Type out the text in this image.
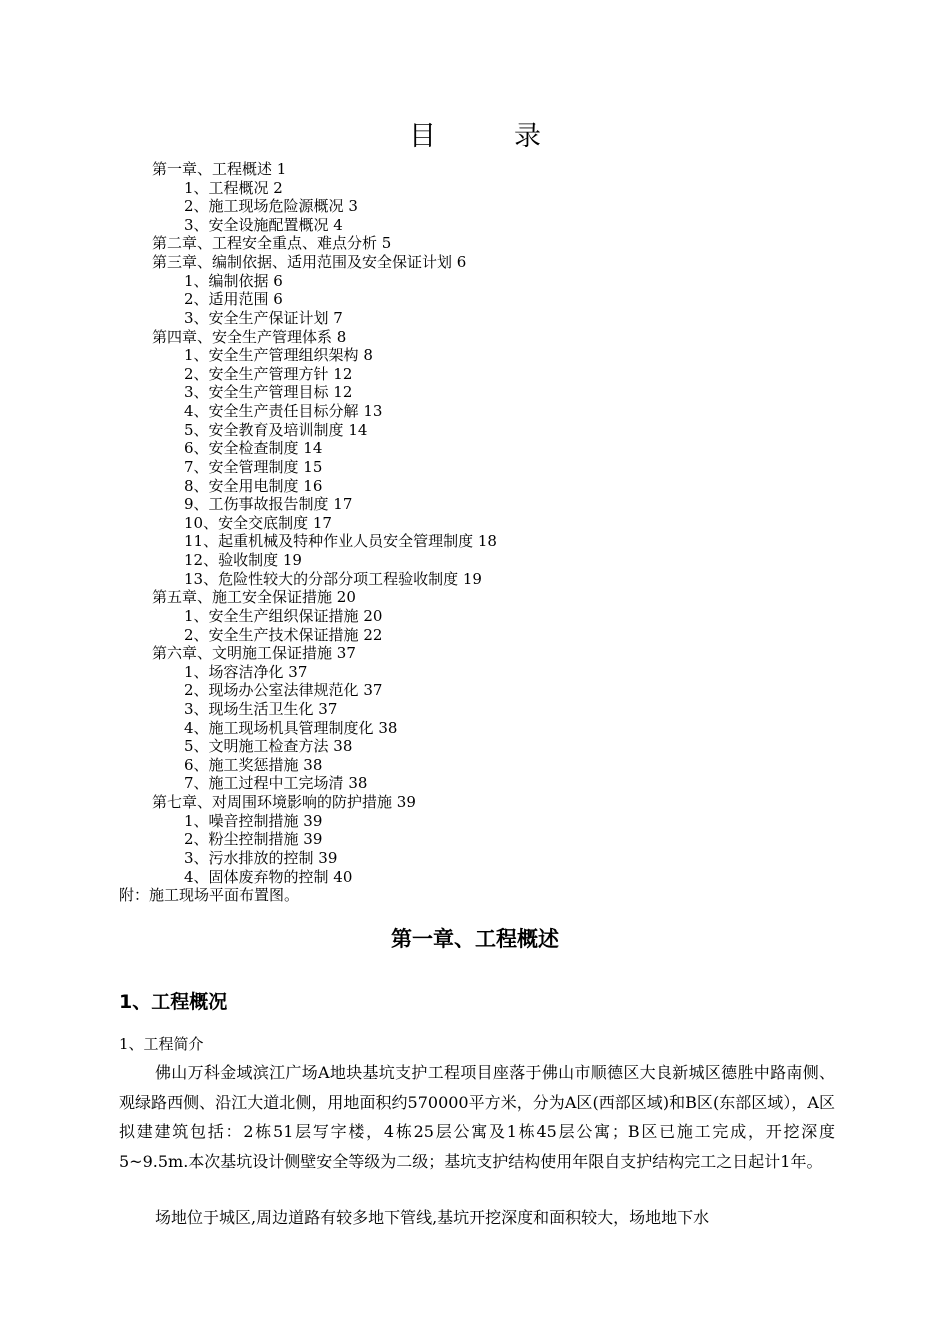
目	录
第一章、工程概述 1
1、工程概况 2
2、施工现场危险源概况 3
3、安全设施配置概况 4
第二章、工程安全重点、难点分析 5
第三章、编制依据、适用范围及安全保证计划 6
1、编制依据 6
2、适用范围 6
3、安全生产保证计划 7
第四章、安全生产管理体系 8
1、安全生产管理组织架构 8
2、安全生产管理方针 12
3、安全生产管理目标 12
4、安全生产责任目标分解 13
5、安全教育及培训制度 14
6、安全检查制度 14
7、安全管理制度 15
8、安全用电制度 16
9、工伤事故报告制度 17
10、安全交底制度 17
11、起重机械及特种作业人员安全管理制度 18
12、验收制度 19
13、危险性较大的分部分项工程验收制度 19
第五章、施工安全保证措施 20
1、安全生产组织保证措施 20
2、安全生产技术保证措施 22
第六章、文明施工保证措施 37
1、场容洁净化 37
2、现场办公室法律规范化 37
3、现场生活卫生化 37
4、施工现场机具管理制度化 38
5、文明施工检查方法 38
6、施工奖惩措施 38
7、施工过程中工完场清 38
第七章、对周围环境影响的防护措施 39
1、噪音控制措施 39
2、粉尘控制措施 39
3、污水排放的控制 39
4、固体废弃物的控制 40
附：施工现场平面布置图。
第一章、工程概述
1、工程概况
1、工程简介
佛山万科金域滨江广场A地块基坑支护工程项目座落于佛山市顺德区大良新城区德胜中路南侧、观绿路西侧、沿江大道北侧，用地面积约570000平方米，分为A区(西部区域)和B区(东部区域），A区拟建建筑包括：2栋51层写字楼，4栋25层公寓及1栋45层公寓；B区已施工完成，开挖深度5~9.5m.本次基坑设计侧壁安全等级为二级；基坑支护结构使用年限自支护结构完工之日起计1年。
场地位于城区,周边道路有较多地下管线,基坑开挖深度和面积较大，场地地下水
